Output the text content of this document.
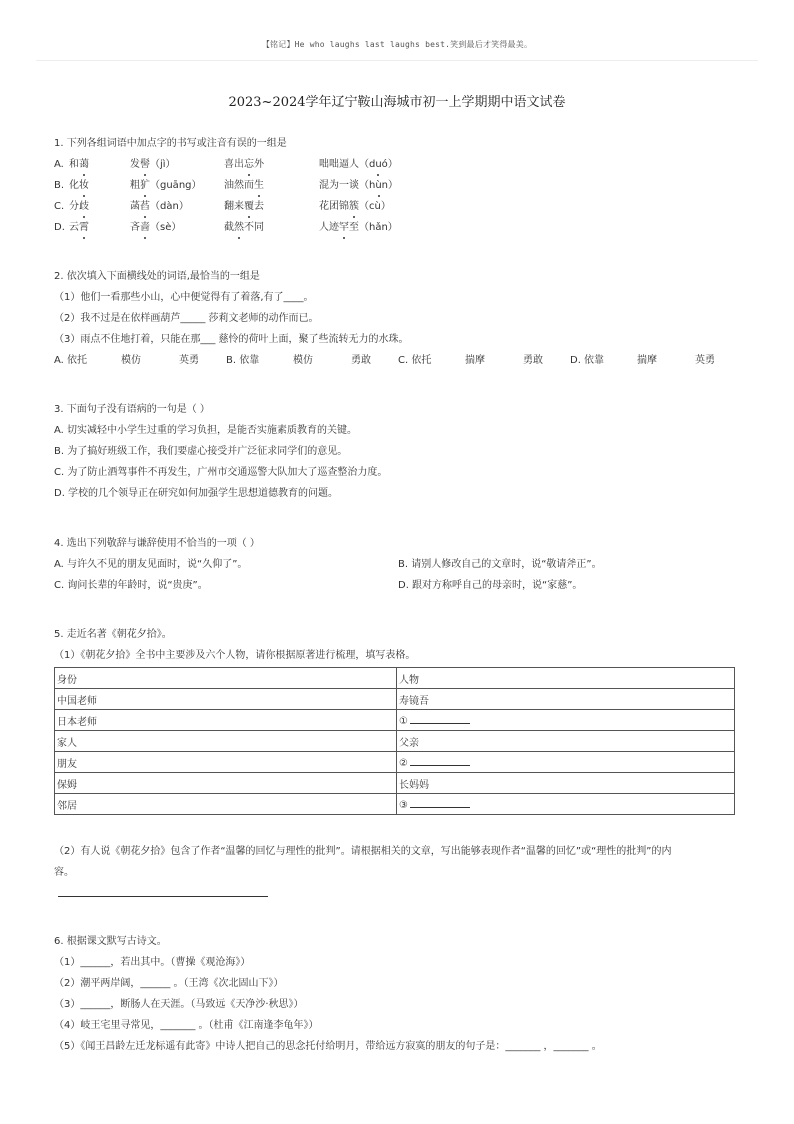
【铭记】He who laughs last laughs best.笑到最后才笑得最美。
2023~2024学年辽宁鞍山海城市初一上学期期中语文试卷
1. 下列各组词语中加点字的书写或注音有误的一组是
A. 和蔼	发髻（jì）	喜出忘外	咄咄逼人（duó）
B. 化妆	粗犷（guāng） 油然而生	混为一谈（hùn）
C. 分歧	菡萏（dàn）	翻来覆去	花团锦簇（cù）
D. 云霄	吝啬（sè）	截然不同	人迹罕至（hǎn）
2. 依次填入下面横线处的词语,最恰当的一组是
（1）他们一看那些小山，心中便觉得有了着落,有了____。
（2）我不过是在依样画葫芦_____ 莎莉文老师的动作而已。
（3）雨点不住地打着，只能在那___ 慈怜的荷叶上面，聚了些流转无力的水珠。
A. 依托	模仿	英勇	B. 依靠	模仿	勇敢	C. 依托	揣摩	勇敢	D. 依靠	揣摩	英勇
3. 下面句子没有语病的一句是（ ）
A. 切实减轻中小学生过重的学习负担，是能否实施素质教育的关键。
B. 为了搞好班级工作，我们要虚心接受并广泛征求同学们的意见。
C. 为了防止酒驾事件不再发生，广州市交通巡警大队加大了巡查整治力度。
D. 学校的几个领导正在研究如何加强学生思想道德教育的问题。
4. 选出下列敬辞与谦辞使用不恰当的一项（ ）
A. 与许久不见的朋友见面时，说“久仰了”。	B. 请别人修改自己的文章时，说“敬请斧正”。
C. 询问长辈的年龄时，说“贵庚”。	D. 跟对方称呼自己的母亲时，说“家慈”。
5. 走近名著《朝花夕拾》。
（1）《朝花夕拾》全书中主要涉及六个人物，请你根据原著进行梳理，填写表格。
身份	人物
中国老师	寿镜吾
日本老师	①
家人	父亲
朋友	②
保姆	长妈妈
邻居	③
（2）有人说《朝花夕拾》包含了作者“温馨的回忆与理性的批判”。请根据相关的文章，写出能够表现作者“温馨的回忆”或“理性的批判”的内
容。
6. 根据课文默写古诗文。
（1）______，若出其中。（曹操《观沧海》）
（2）潮平两岸阔，______ 。（王湾《次北固山下》）
（3）______，断肠人在天涯。（马致远《天净沙·秋思》）
（4）岐王宅里寻常见，_______ 。（杜甫《江南逢李龟年》）
（5）《闻王昌龄左迁龙标遥有此寄》中诗人把自己的思念托付给明月，带给远方寂寞的朋友的句子是：_______ ，_______ 。
